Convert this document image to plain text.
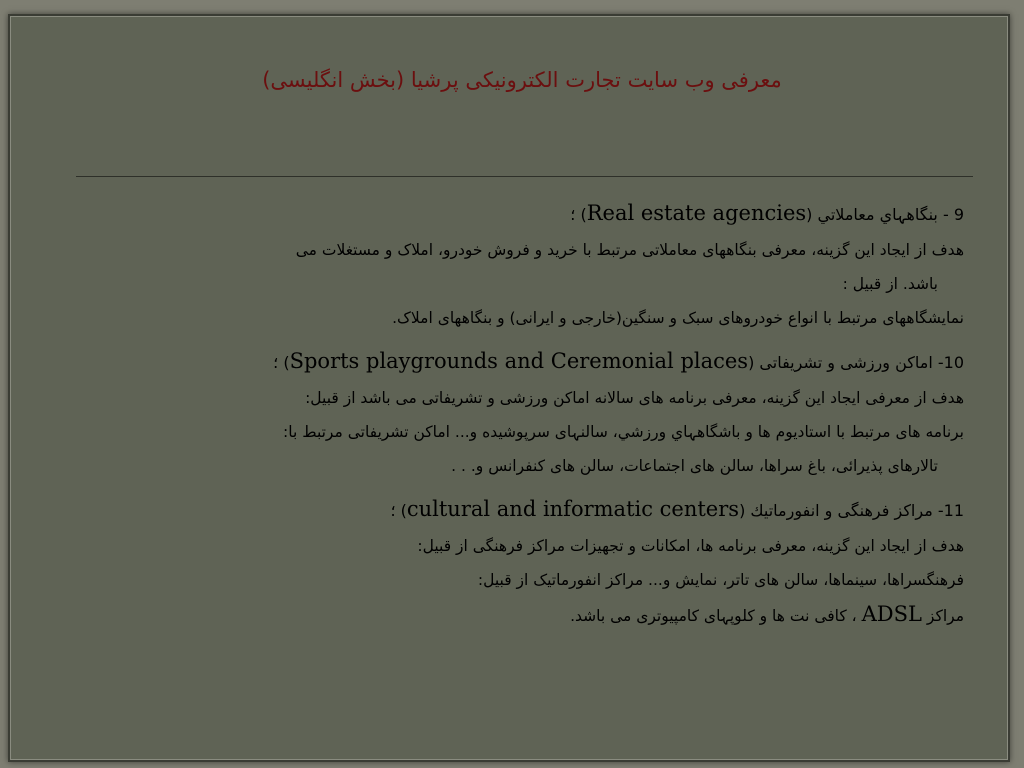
معرفی وب سایت تجارت الکترونیکی پرشیا (بخش انگلیسی)
9 - بنگاهہاي معاملاتي (Real estate agencies) ؛
هدف از ایجاد این گزینه، معرفی بنگاههای معاملاتی مرتبط با خرید و فروش خودرو، املاک و مستغلات می
باشد. از قبیل :
نمایشگاههای مرتبط با انواع خودروهای سبک و سنگین(خارجی و ایرانی) و بنگاههای املاک.
10- اماکن ورزشی و تشریفاتی (Sports playgrounds and Ceremonial places) ؛
هدف از معرفی ایجاد این گزینه، معرفی برنامه های سالانه اماکن ورزشی و تشریفاتی می باشد از قبیل:
برنامه های مرتبط با استادیوم ها و باشگاهہاي ورزشي، سالنہای سرپوشیده و... اماکن تشریفاتی مرتبط با:
تالارهای پذیرائی، باغ سراها، سالن های اجتماعات، سالن های کنفرانس و. . .
11- مراکز فرهنگی و انفورماتیك (cultural and informatic centers) ؛
هدف از ایجاد این گزینه، معرفی برنامه ها، امکانات و تجهیزات مراکز فرهنگی از قبیل:
فرهنگسراها، سینماها، سالن های تاتر، نمایش و... مراکز انفورماتیک از قبیل:
مراکز ADSL ، کافی نت ها و کلوپہای کامپیوتری می باشد.
